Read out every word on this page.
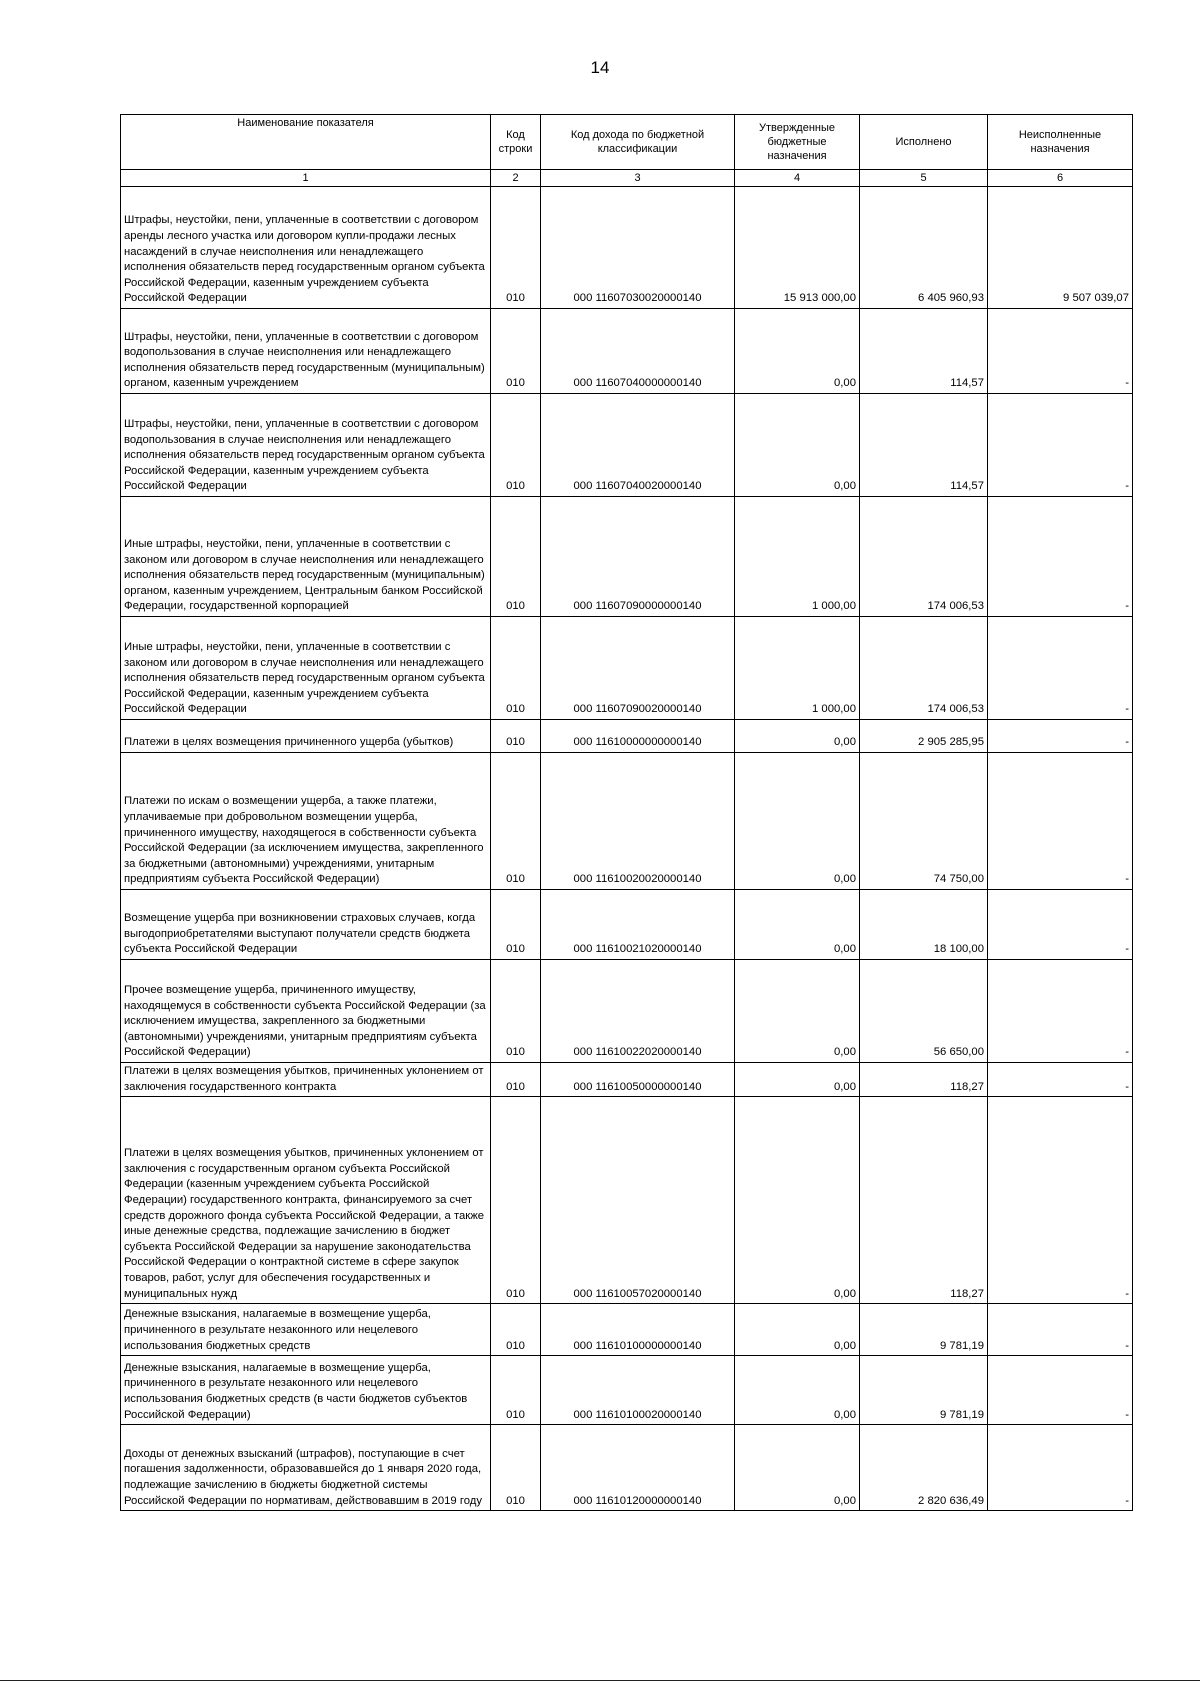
14
Наименование показателя	Код строки	Код дохода по бюджетной классификации	Утвержденные бюджетные назначения	Исполнено	Неисполненные назначения
1	2	3	4	5	6
Штрафы, неустойки, пени, уплаченные в соответствии с договором аренды лесного участка или договором купли-продажи лесных насаждений в случае неисполнения или ненадлежащего исполнения обязательств перед государственным органом субъекта Российской Федерации, казенным учреждением субъекта Российской Федерации	010	000 11607030020000140	15 913 000,00	6 405 960,93	9 507 039,07
Штрафы, неустойки, пени, уплаченные в соответствии с договором водопользования в случае неисполнения или ненадлежащего исполнения обязательств перед государственным (муниципальным) органом, казенным учреждением	010	000 11607040000000140	0,00	114,57	-
Штрафы, неустойки, пени, уплаченные в соответствии с договором водопользования в случае неисполнения или ненадлежащего исполнения обязательств перед государственным органом субъекта Российской Федерации, казенным учреждением субъекта Российской Федерации	010	000 11607040020000140	0,00	114,57	-
Иные штрафы, неустойки, пени, уплаченные в соответствии с законом или договором в случае неисполнения или ненадлежащего исполнения обязательств перед государственным (муниципальным) органом, казенным учреждением, Центральным банком Российской Федерации, государственной корпорацией	010	000 11607090000000140	1 000,00	174 006,53	-
Иные штрафы, неустойки, пени, уплаченные в соответствии с законом или договором в случае неисполнения или ненадлежащего исполнения обязательств перед государственным органом субъекта Российской Федерации, казенным учреждением субъекта Российской Федерации	010	000 11607090020000140	1 000,00	174 006,53	-
Платежи в целях возмещения причиненного ущерба (убытков)	010	000 11610000000000140	0,00	2 905 285,95	-
Платежи по искам о возмещении ущерба, а также платежи, уплачиваемые при добровольном возмещении ущерба, причиненного имуществу, находящегося в собственности субъекта Российской Федерации (за исключением имущества, закрепленного за бюджетными (автономными) учреждениями, унитарным предприятиям субъекта Российской Федерации)	010	000 11610020020000140	0,00	74 750,00	-
Возмещение ущерба при возникновении страховых случаев, когда выгодоприобретателями выступают получатели средств бюджета субъекта Российской Федерации	010	000 11610021020000140	0,00	18 100,00	-
Прочее возмещение ущерба, причиненного имуществу, находящемуся в собственности субъекта Российской Федерации (за исключением имущества, закрепленного за бюджетными (автономными) учреждениями, унитарным предприятиям субъекта Российской Федерации)	010	000 11610022020000140	0,00	56 650,00	-
Платежи в целях возмещения убытков, причиненных уклонением от заключения государственного контракта	010	000 11610050000000140	0,00	118,27	-
Платежи в целях возмещения убытков, причиненных уклонением от заключения с государственным органом субъекта Российской Федерации (казенным учреждением субъекта Российской Федерации) государственного контракта, финансируемого за счет средств дорожного фонда субъекта Российской Федерации, а также иные денежные средства, подлежащие зачислению в бюджет субъекта Российской Федерации за нарушение законодательства Российской Федерации о контрактной системе в сфере закупок товаров, работ, услуг для обеспечения государственных и муниципальных нужд	010	000 11610057020000140	0,00	118,27	-
Денежные взыскания, налагаемые в возмещение ущерба, причиненного в результате незаконного или нецелевого использования бюджетных средств	010	000 11610100000000140	0,00	9 781,19	-
Денежные взыскания, налагаемые в возмещение ущерба, причиненного в результате незаконного или нецелевого использования бюджетных средств (в части бюджетов субъектов Российской Федерации)	010	000 11610100020000140	0,00	9 781,19	-
Доходы от денежных взысканий (штрафов), поступающие в счет погашения задолженности, образовавшейся до 1 января 2020 года, подлежащие зачислению в бюджеты бюджетной системы Российской Федерации по нормативам, действовавшим в 2019 году	010	000 11610120000000140	0,00	2 820 636,49	-
